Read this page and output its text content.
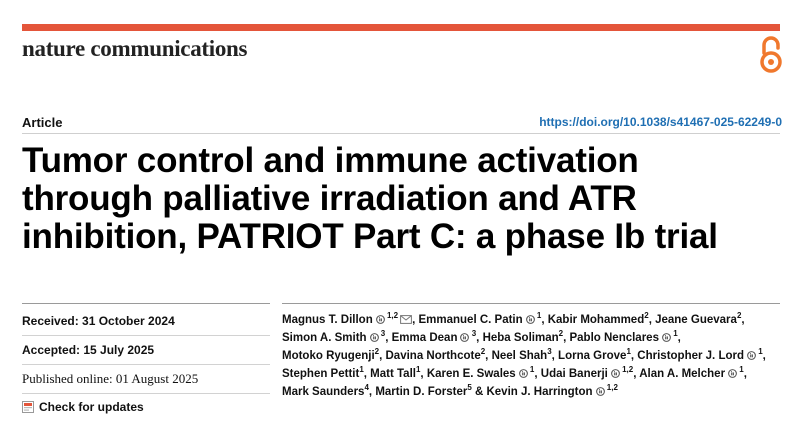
nature communications
Article	https://doi.org/10.1038/s41467-025-62249-0
Tumor control and immune activation
through palliative irradiation and ATR
inhibition, PATRIOT Part C: a phase Ib trial
Received: 31 October 2024
Accepted: 15 July 2025
Published online: 01 August 2025
Check for updates
Magnus T. Dillon $^{1,2}$ , Emmanuel C. Patin $^1$, Kabir Mohammed$^2$, Jeane Guevara$^2$, Simon A. Smith $^3$, Emma Dean $^3$, Heba Soliman$^2$, Pablo Nenclares $^1$, Motoko Ryugenji$^2$, Davina Northcote$^2$, Neel Shah$^3$, Lorna Grove$^1$, Christopher J. Lord $^1$, Stephen Pettit$^1$, Matt Tall$^1$, Karen E. Swales $^1$, Udai Banerji $^{1,2}$, Alan A. Melcher $^1$, Mark Saunders$^4$, Martin D. Forster$^5$ & Kevin J. Harrington $^{1,2}$
